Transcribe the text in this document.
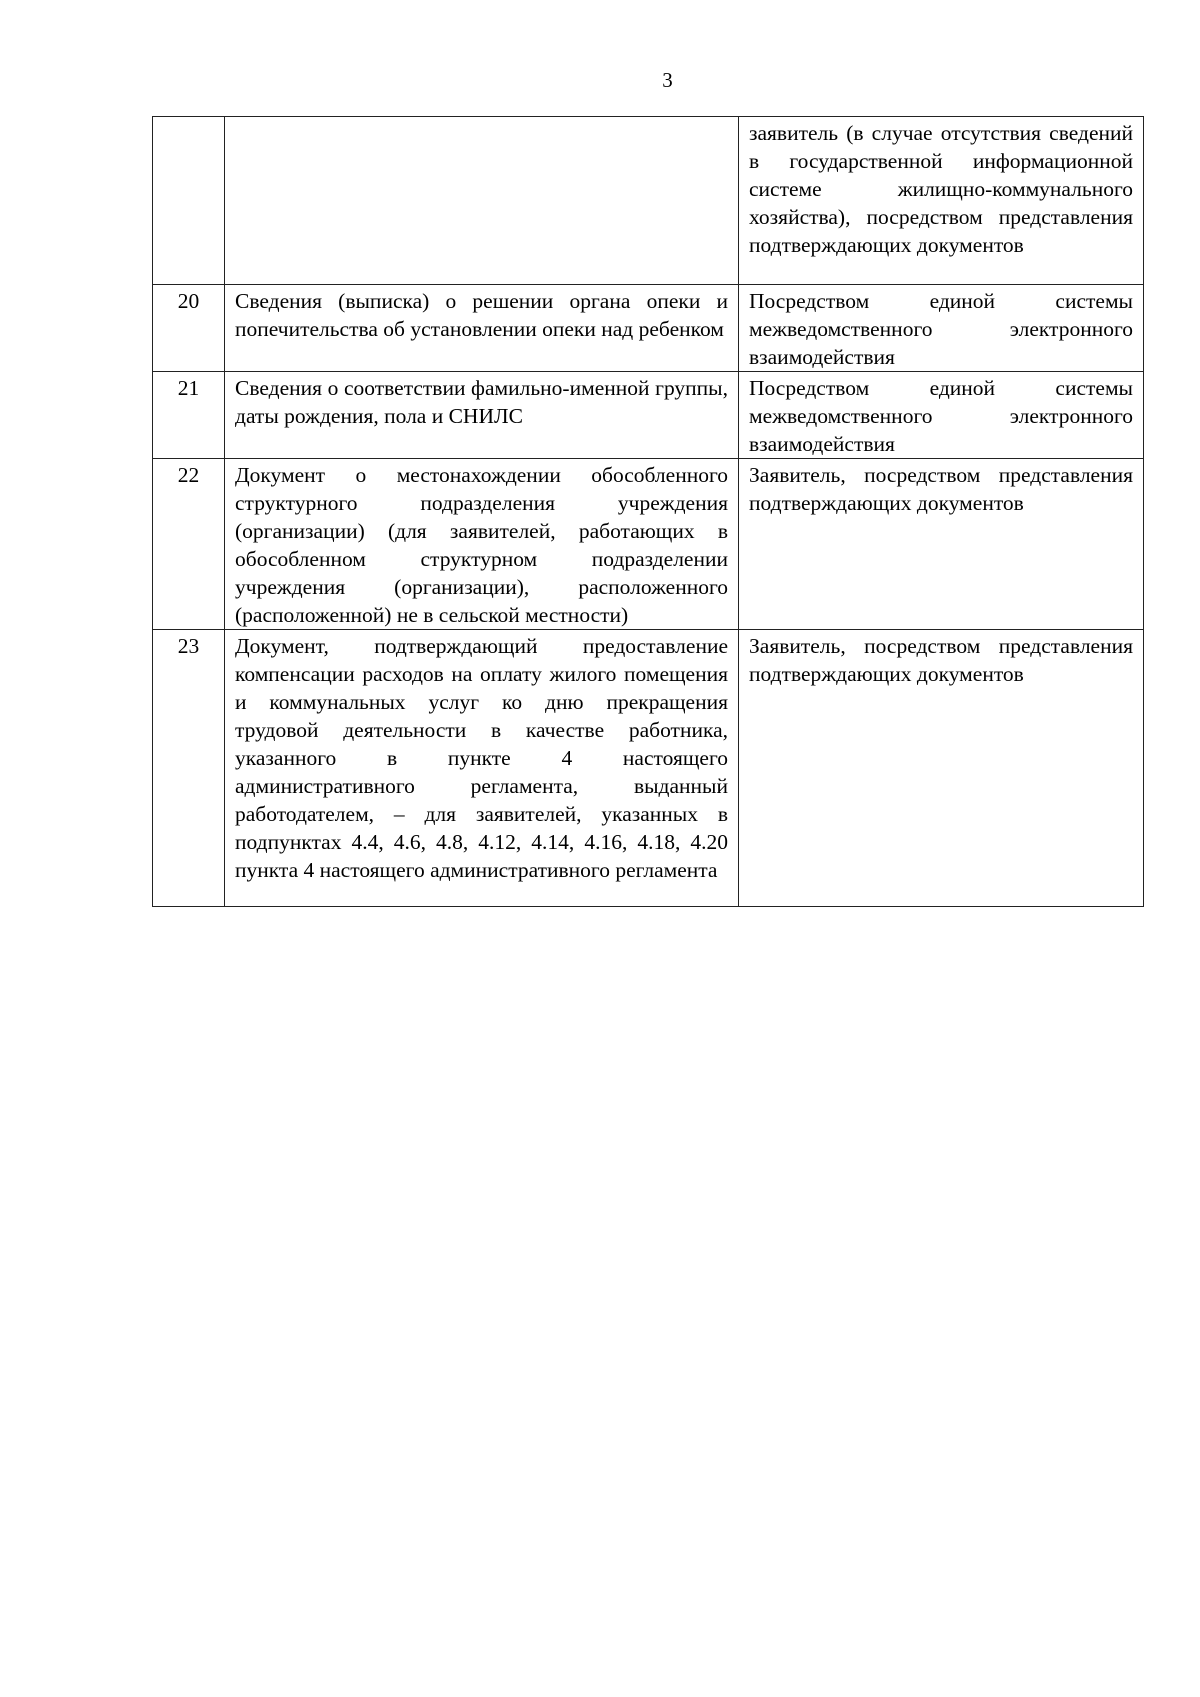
3
		заявитель (в случае отсутствия сведений в государственной информационной системе жилищно-коммунального хозяйства), посредством представления подтверждающих документов
20	Сведения (выписка) о решении органа опеки и попечительства об установлении опеки над ребенком	Посредством единой системы межведомственного электронного взаимодействия
21	Сведения о соответствии фамильно-именной группы, даты рождения, пола и СНИЛС	Посредством единой системы межведомственного электронного взаимодействия
22	Документ о местонахождении обособленного структурного подразделения учреждения (организации) (для заявителей, работающих в обособленном структурном подразделении учреждения (организации), расположенного (расположенной) не в сельской местности)	Заявитель, посредством представления подтверждающих документов
23	Документ, подтверждающий предоставление компенсации расходов на оплату жилого помещения и коммунальных услуг ко дню прекращения трудовой деятельности в качестве работника, указанного в пункте 4 настоящего административного регламента, выданный работодателем, – для заявителей, указанных в подпунктах 4.4, 4.6, 4.8, 4.12, 4.14, 4.16, 4.18, 4.20 пункта 4 настоящего административного регламента	Заявитель, посредством представления подтверждающих документов
